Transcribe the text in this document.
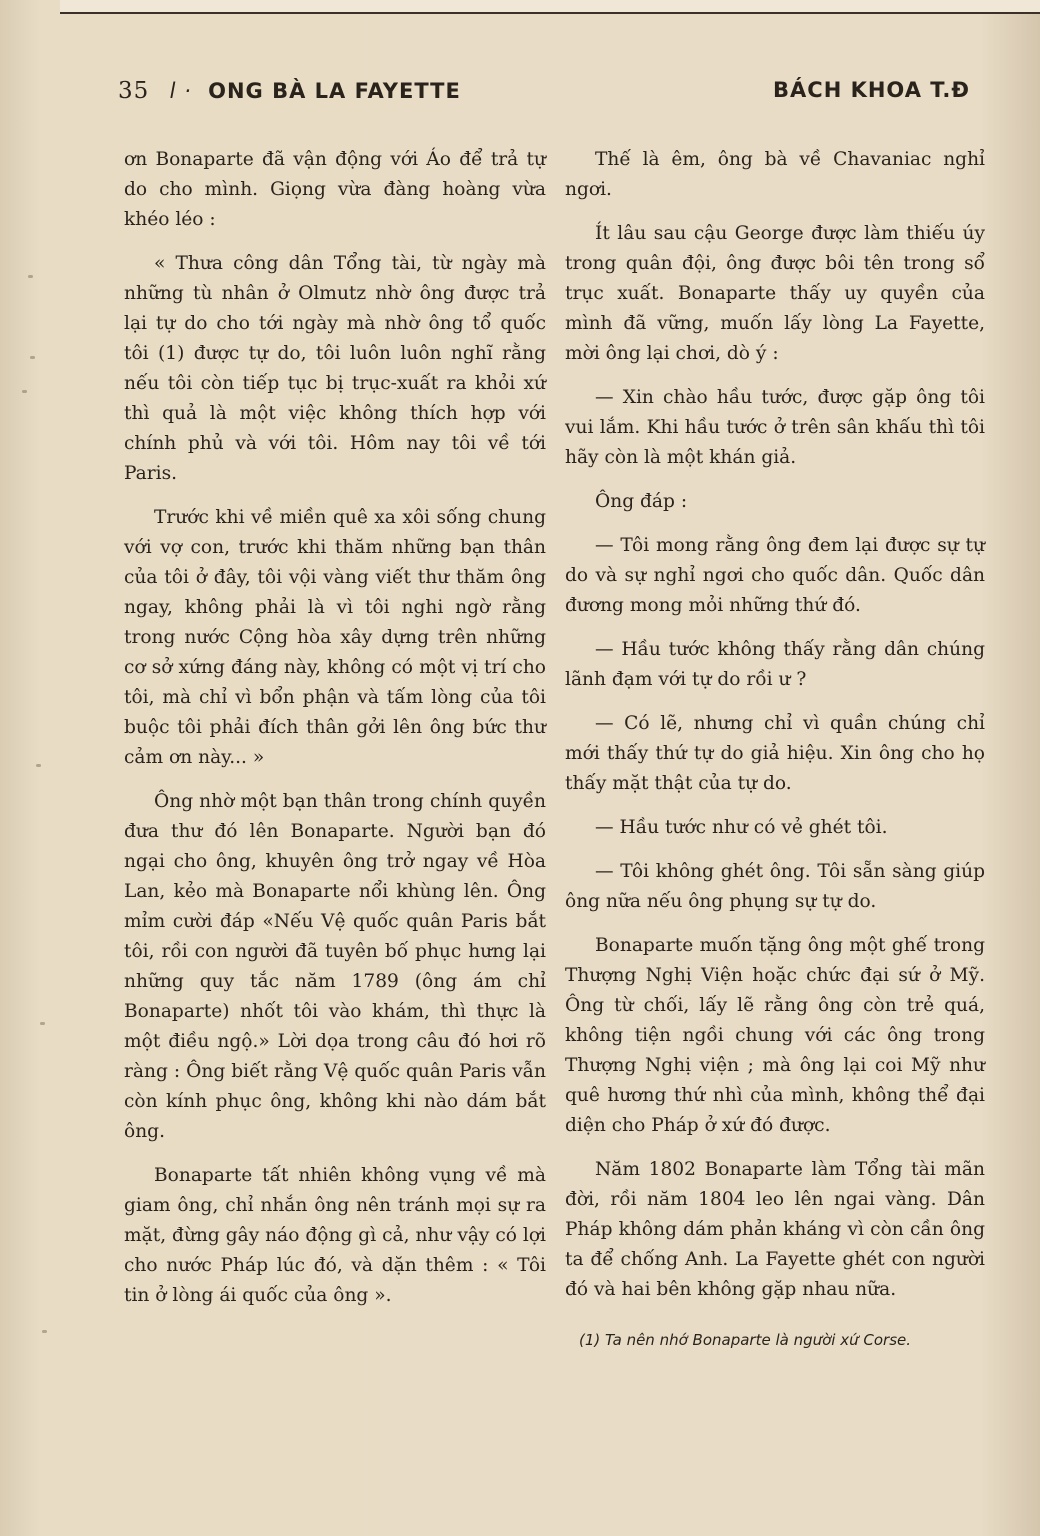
35 l · ONG BÀ LA FAYETTE	BÁCH KHOA T.Đ

ơn Bonaparte đã vận động với Áo để trả tự do cho mình. Giọng vừa đàng hoàng vừa khéo léo :

« Thưa công dân Tổng tài, từ ngày mà những tù nhân ở Olmutz nhờ ông được trả lại tự do cho tới ngày mà nhờ ông tổ quốc tôi (1) được tự do, tôi luôn luôn nghĩ rằng nếu tôi còn tiếp tục bị trục-xuất ra khỏi xứ thì quả là một việc không thích hợp với chính phủ và với tôi. Hôm nay tôi về tới Paris.

Trước khi về miền quê xa xôi sống chung với vợ con, trước khi thăm những bạn thân của tôi ở đây, tôi vội vàng viết thư thăm ông ngay, không phải là vì tôi nghi ngờ rằng trong nước Cộng hòa xây dựng trên những cơ sở xứng đáng này, không có một vị trí cho tôi, mà chỉ vì bổn phận và tấm lòng của tôi buộc tôi phải đích thân gởi lên ông bức thư cảm ơn này... »

Ông nhờ một bạn thân trong chính quyền đưa thư đó lên Bonaparte. Người bạn đó ngại cho ông, khuyên ông trở ngay về Hòa Lan, kẻo mà Bonaparte nổi khùng lên. Ông mỉm cười đáp «Nếu Vệ quốc quân Paris bắt tôi, rồi con người đã tuyên bố phục hưng lại những quy tắc năm 1789 (ông ám chỉ Bonaparte) nhốt tôi vào khám, thì thực là một điều ngộ.» Lời dọa trong câu đó hơi rõ ràng : Ông biết rằng Vệ quốc quân Paris vẫn còn kính phục ông, không khi nào dám bắt ông.

Bonaparte tất nhiên không vụng về mà giam ông, chỉ nhắn ông nên tránh mọi sự ra mặt, đừng gây náo động gì cả, như vậy có lợi cho nước Pháp lúc đó, và dặn thêm : « Tôi tin ở lòng ái quốc của ông ».

Thế là êm, ông bà về Chavaniac nghỉ ngơi.

Ít lâu sau cậu George được làm thiếu úy trong quân đội, ông được bôi tên trong sổ trục xuất. Bonaparte thấy uy quyền của mình đã vững, muốn lấy lòng La Fayette, mời ông lại chơi, dò ý :

— Xin chào hầu tước, được gặp ông tôi vui lắm. Khi hầu tước ở trên sân khấu thì tôi hãy còn là một khán giả.

Ông đáp :

— Tôi mong rằng ông đem lại được sự tự do và sự nghỉ ngơi cho quốc dân. Quốc dân đương mong mỏi những thứ đó.

— Hầu tước không thấy rằng dân chúng lãnh đạm với tự do rồi ư ?

— Có lẽ, nhưng chỉ vì quần chúng chỉ mới thấy thứ tự do giả hiệu. Xin ông cho họ thấy mặt thật của tự do.

— Hầu tước như có vẻ ghét tôi.

— Tôi không ghét ông. Tôi sẵn sàng giúp ông nữa nếu ông phụng sự tự do.

Bonaparte muốn tặng ông một ghế trong Thượng Nghị Viện hoặc chức đại sứ ở Mỹ. Ông từ chối, lấy lẽ rằng ông còn trẻ quá, không tiện ngồi chung với các ông trong Thượng Nghị viện ; mà ông lại coi Mỹ như quê hương thứ nhì của mình, không thể đại diện cho Pháp ở xứ đó được.

Năm 1802 Bonaparte làm Tổng tài mãn đời, rồi năm 1804 leo lên ngai vàng. Dân Pháp không dám phản kháng vì còn cần ông ta để chống Anh. La Fayette ghét con người đó và hai bên không gặp nhau nữa.

(1) Ta nên nhớ Bonaparte là người xứ Corse.
